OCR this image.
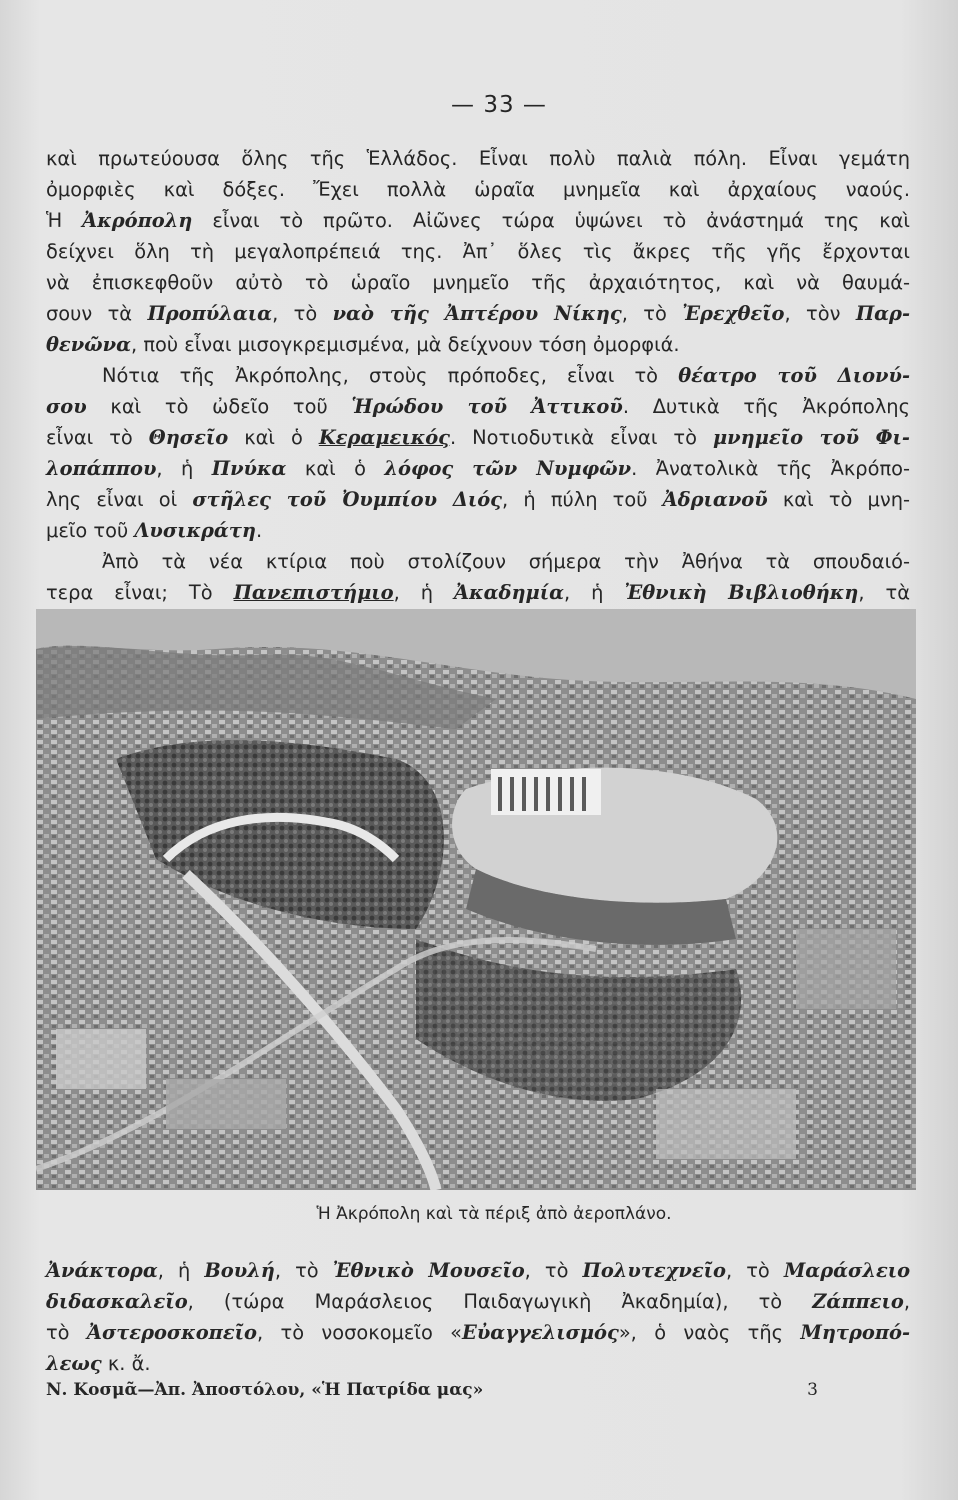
— 33 —

καὶ πρωτεύουσα ὅλης τῆς Ἑλλάδος. Εἶναι πολὺ παλιὰ πόλη. Εἶναι γεμάτη
ὀμορφιὲς καὶ δόξες. Ἔχει πολλὰ ὡραῖα μνημεῖα καὶ ἀρχαίους ναούς.
Ἡ Ἀκρόπολη εἶναι τὸ πρῶτο. Αἰῶνες τώρα ὑψώνει τὸ ἀνάστημά της καὶ
δείχνει ὅλη τὴ μεγαλοπρέπειά της. Ἀπ᾽ ὅλες τὶς ἄκρες τῆς γῆς ἔρχονται
νὰ ἐπισκεφθοῦν αὐτὸ τὸ ὡραῖο μνημεῖο τῆς ἀρχαιότητος, καὶ νὰ θαυμά-
σουν τὰ Προπύλαια, τὸ ναὸ τῆς Ἀπτέρου Νίκης, τὸ Ἐρεχθεῖο, τὸν Παρ-
θενῶνα, ποὺ εἶναι μισογκρεμισμένα, μὰ δείχνουν τόση ὀμορφιά.

Νότια τῆς Ἀκρόπολης, στοὺς πρόποδες, εἶναι τὸ θέατρο τοῦ Διονύ-
σου καὶ τὸ ὠδεῖο τοῦ Ἡρώδου τοῦ Ἀττικοῦ. Δυτικὰ τῆς Ἀκρόπολης
εἶναι τὸ Θησεῖο καὶ ὁ Κεραμεικός. Νοτιοδυτικὰ εἶναι τὸ μνημεῖο τοῦ Φι-
λοπάππου, ἡ Πνύκα καὶ ὁ λόφος τῶν Νυμφῶν. Ἀνατολικὰ τῆς Ἀκρόπο-
λης εἶναι οἱ στῆλες τοῦ Ὀυμπίου Διός, ἡ πύλη τοῦ Ἀδριανοῦ καὶ τὸ μνη-
μεῖο τοῦ Λυσικράτη.

Ἀπὸ τὰ νέα κτίρια ποὺ στολίζουν σήμερα τὴν Ἀθήνα τὰ σπουδαιό-
τερα εἶναι; Τὸ Πανεπιστήμιο, ἡ Ἀκαδημία, ἡ Ἐθνικὴ Βιβλιοθήκη, τὰ

Ἡ Ἀκρόπολη καὶ τὰ πέριξ ἀπὸ ἀεροπλάνο.

Ἀνάκτορα, ἡ Βουλή, τὸ Ἐθνικὸ Μουσεῖο, τὸ Πολυτεχνεῖο, τὸ Μαράσλειο
διδασκαλεῖο, (τώρα Μαράσλειος Παιδαγωγικὴ Ἀκαδημία), τὸ Ζάππειο,
τὸ Ἀστεροσκοπεῖο, τὸ νοσοκομεῖο «Εὐαγγελισμός», ὁ ναὸς τῆς Μητροπό-
λεως κ. ἄ.

Ν. Κοσμᾶ—Ἀπ. Ἀποστόλου, «Ἡ Πατρίδα μας»	3
